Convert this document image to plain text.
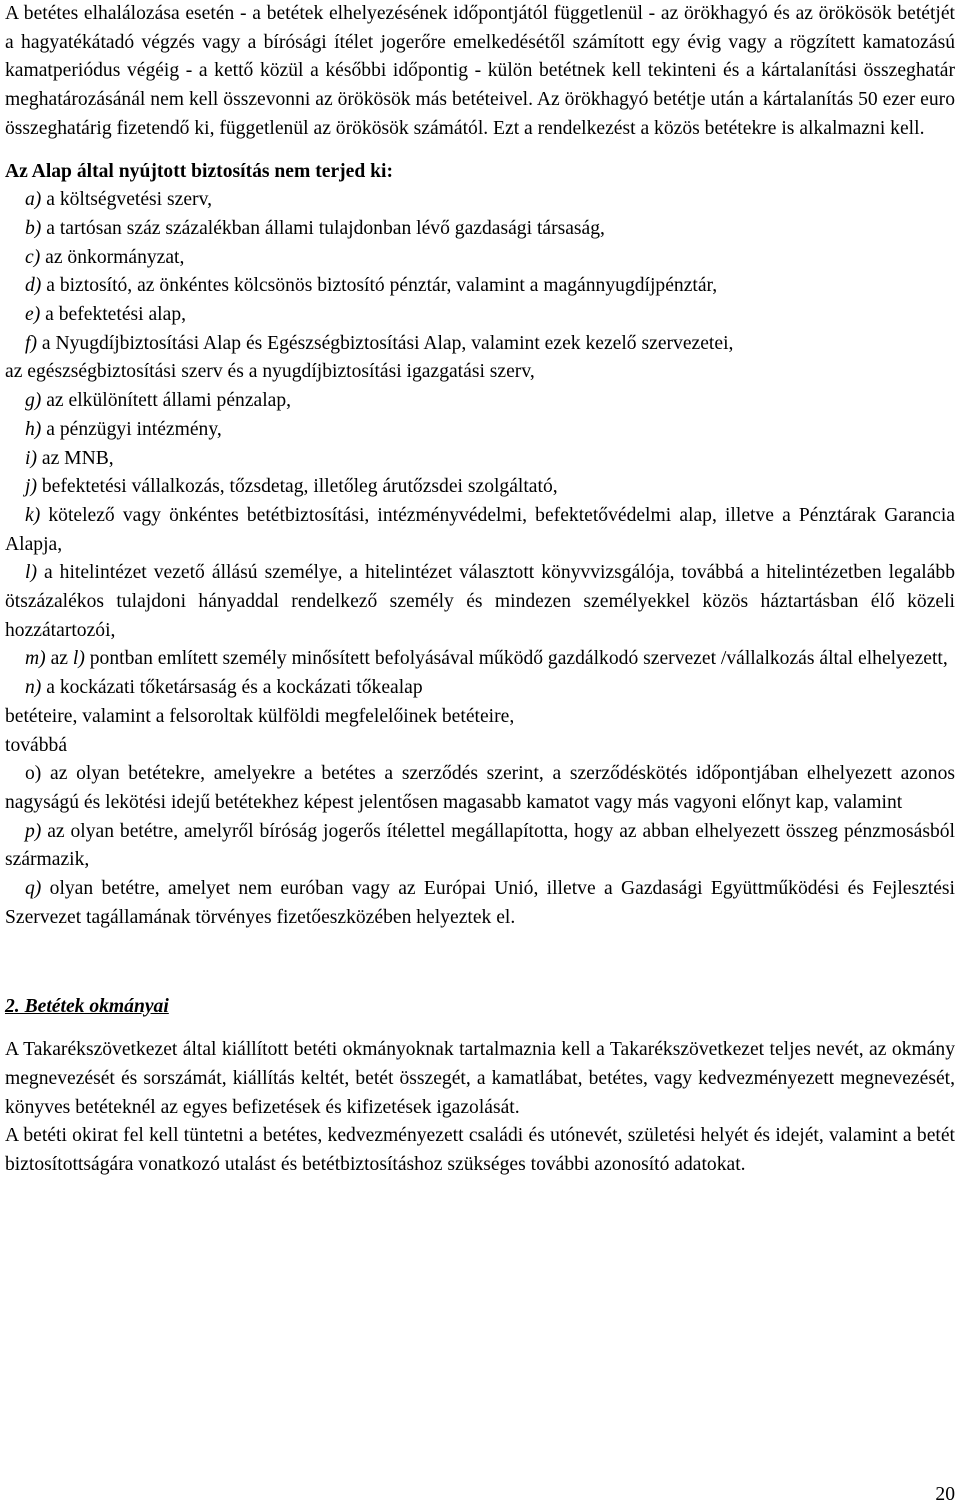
A betétes elhalálozása esetén - a betétek elhelyezésének időpontjától függetlenül - az örökhagyó és az örökösök betétjét a hagyatékátadó végzés vagy a bírósági ítélet jogerőre emelkedésétől számított egy évig vagy a rögzített kamatozású kamatperiódus végéig - a kettő közül a későbbi időpontig - külön betétnek kell tekinteni és a kártalanítási összeghatár meghatározásánál nem kell összevonni az örökösök más betéteivel. Az örökhagyó betétje után a kártalanítás 50 ezer euro összeghatárig fizetendő ki, függetlenül az örökösök számától. Ezt a rendelkezést a közös betétekre is alkalmazni kell.

Az Alap által nyújtott biztosítás nem terjed ki:

a) a költségvetési szerv,

b) a tartósan száz százalékban állami tulajdonban lévő gazdasági társaság,

c) az önkormányzat,

d) a biztosító, az önkéntes kölcsönös biztosító pénztár, valamint a magánnyugdíjpénztár,

e) a befektetési alap,

f) a Nyugdíjbiztosítási Alap és Egészségbiztosítási Alap, valamint ezek kezelő szervezetei,

az egészségbiztosítási szerv és a nyugdíjbiztosítási igazgatási szerv,

g) az elkülönített állami pénzalap,

h) a pénzügyi intézmény,

i) az MNB,

j) befektetési vállalkozás, tőzsdetag, illetőleg árutőzsdei szolgáltató,

k) kötelező vagy önkéntes betétbiztosítási, intézményvédelmi, befektetővédelmi alap, illetve a Pénztárak Garancia Alapja,

l) a hitelintézet vezető állású személye, a hitelintézet választott könyvvizsgálója, továbbá a hitelintézetben legalább ötszázalékos tulajdoni hányaddal rendelkező személy és mindezen személyekkel közös háztartásban élő közeli hozzátartozói,

m) az l) pontban említett személy minősített befolyásával működő gazdálkodó szervezet /vállalkozás által elhelyezett,

n) a kockázati tőketársaság és a kockázati tőkealap

betéteire, valamint a felsoroltak külföldi megfelelőinek betéteire,

továbbá

o) az olyan betétekre, amelyekre a betétes a szerződés szerint, a szerződéskötés időpontjában elhelyezett azonos nagyságú és lekötési idejű betétekhez képest jelentősen magasabb kamatot vagy más vagyoni előnyt kap, valamint

p) az olyan betétre, amelyről bíróság jogerős ítélettel megállapította, hogy az abban elhelyezett összeg pénzmosásból származik,

q) olyan betétre, amelyet nem euróban vagy az Európai Unió, illetve a Gazdasági Együttműködési és Fejlesztési Szervezet tagállamának törvényes fizetőeszközében helyeztek el.

2. Betétek okmányai

A Takarékszövetkezet által kiállított betéti okmányoknak tartalmaznia kell a Takarékszövetkezet teljes nevét, az okmány megnevezését és sorszámát, kiállítás keltét, betét összegét, a kamatlábat, betétes, vagy kedvezményezett megnevezését, könyves betéteknél az egyes befizetések és kifizetések igazolását.

A betéti okirat fel kell tüntetni a betétes, kedvezményezett családi és utónevét, születési helyét és idejét, valamint a betét biztosítottságára vonatkozó utalást és betétbiztosításhoz szükséges további azonosító adatokat.

20
